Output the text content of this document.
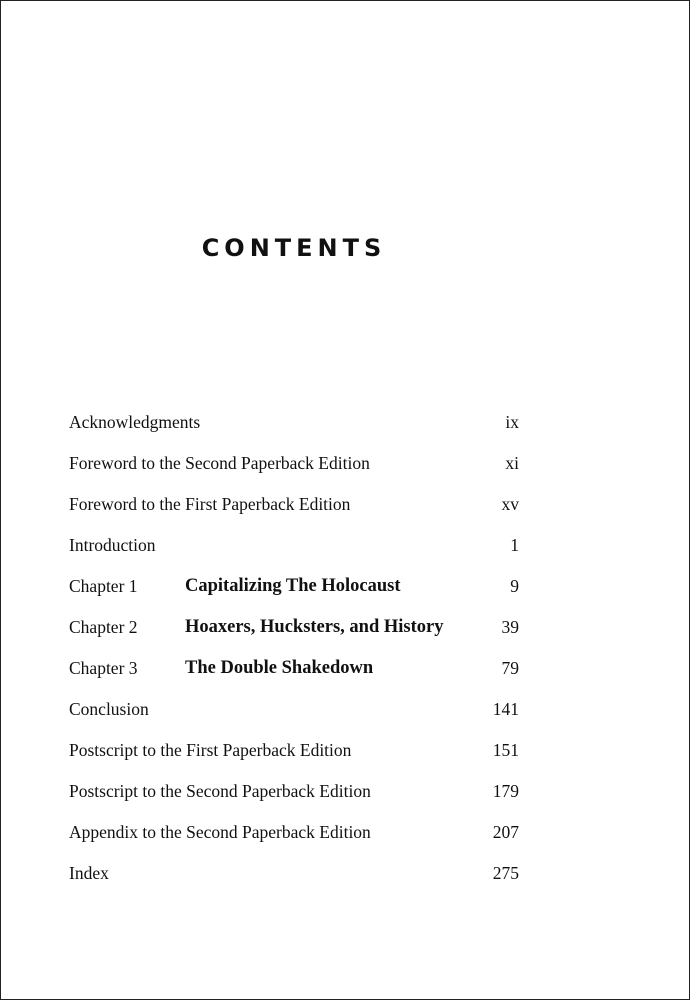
CONTENTS
Acknowledgments	ix
Foreword to the Second Paperback Edition	xi
Foreword to the First Paperback Edition	xv
Introduction	1
Chapter 1	Capitalizing The Holocaust	9
Chapter 2	Hoaxers, Hucksters, and History	39
Chapter 3	The Double Shakedown	79
Conclusion	141
Postscript to the First Paperback Edition	151
Postscript to the Second Paperback Edition	179
Appendix to the Second Paperback Edition	207
Index	275
